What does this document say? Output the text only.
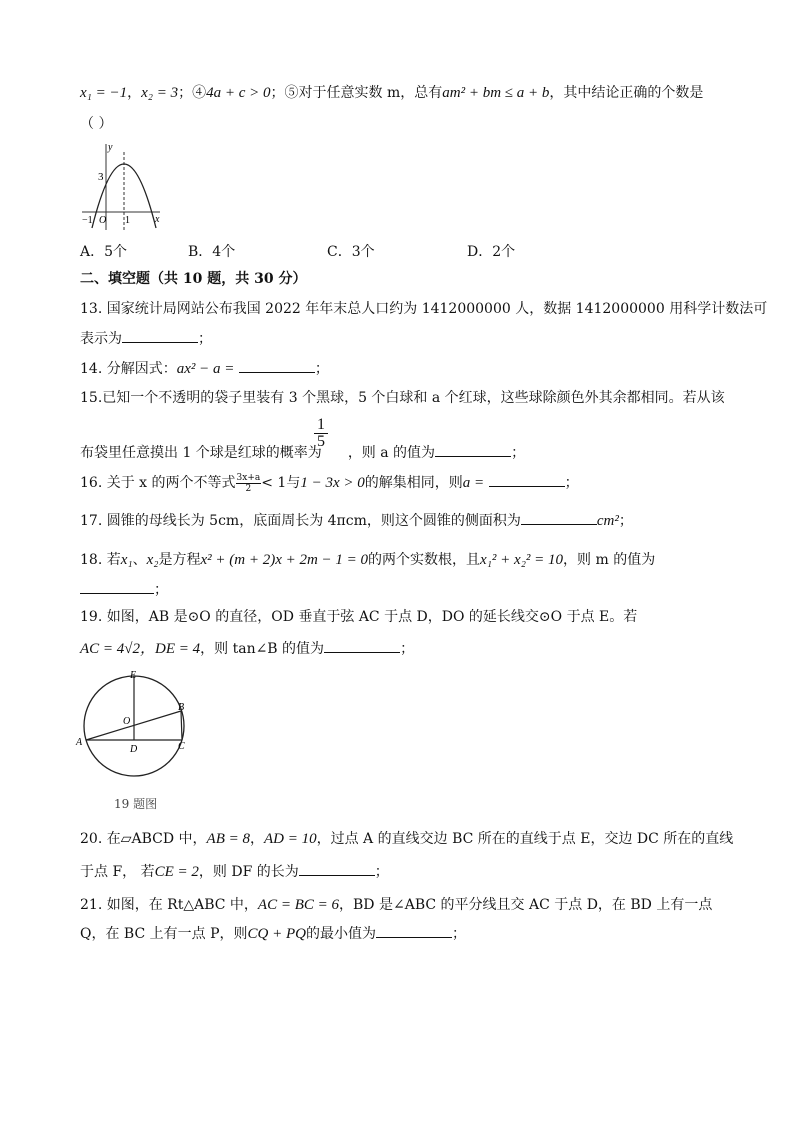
x₁ = −1，x₂ = 3；④4a + c > 0；⑤对于任意实数 m，总有am² + bm ≤ a + b，其中结论正确的个数是
（ ）
y
x
3
−1 O 1
A．5个	B．4个	C．3个	D．2个
二、填空题（共 10 题，共 30 分）
13. 国家统计局网站公布我国 2022 年年末总人口约为 1412000000 人，数据 1412000000 用科学计数法可
表示为	；
14. 分解因式：ax² − a =	；
15.已知一个不透明的袋子里装有 3 个黑球，5 个白球和 a 个红球，这些球除颜色外其余都相同。若从该
$\frac{1}{5}$
布袋里任意摸出 1 个球是红球的概率为 ，则 a 的值为	；
16. 关于 x 的两个不等式 $\frac{3x+a}{2}< 1$与1 − 3x > 0的解集相同，则a =	；
17. 圆锥的母线长为 5cm，底面周长为 4πcm，则这个圆锥的侧面积为	cm²；
18. 若x₁、x₂是方程x² + (m + 2)x + 2m − 1 = 0的两个实数根，且x₁² + x₂² = 10，则 m 的值为
；
19. 如图，AB 是⊙O 的直径，OD 垂直于弦 AC 于点 D，DO 的延长线交⊙O 于点 E。若
AC = 4√2，DE = 4，则 tan∠B 的值为	；
E
O
B
A
D	C
19 题图
20. 在▱ABCD 中，AB = 8，AD = 10，过点 A 的直线交边 BC 所在的直线于点 E，交边 DC 所在的直线
于点 F， 若CE = 2，则 DF 的长为	；
21. 如图，在 Rt△ABC 中，AC = BC = 6，BD 是∠ABC 的平分线且交 AC 于点 D，在 BD 上有一点
Q，在 BC 上有一点 P，则CQ + PQ的最小值为	；
